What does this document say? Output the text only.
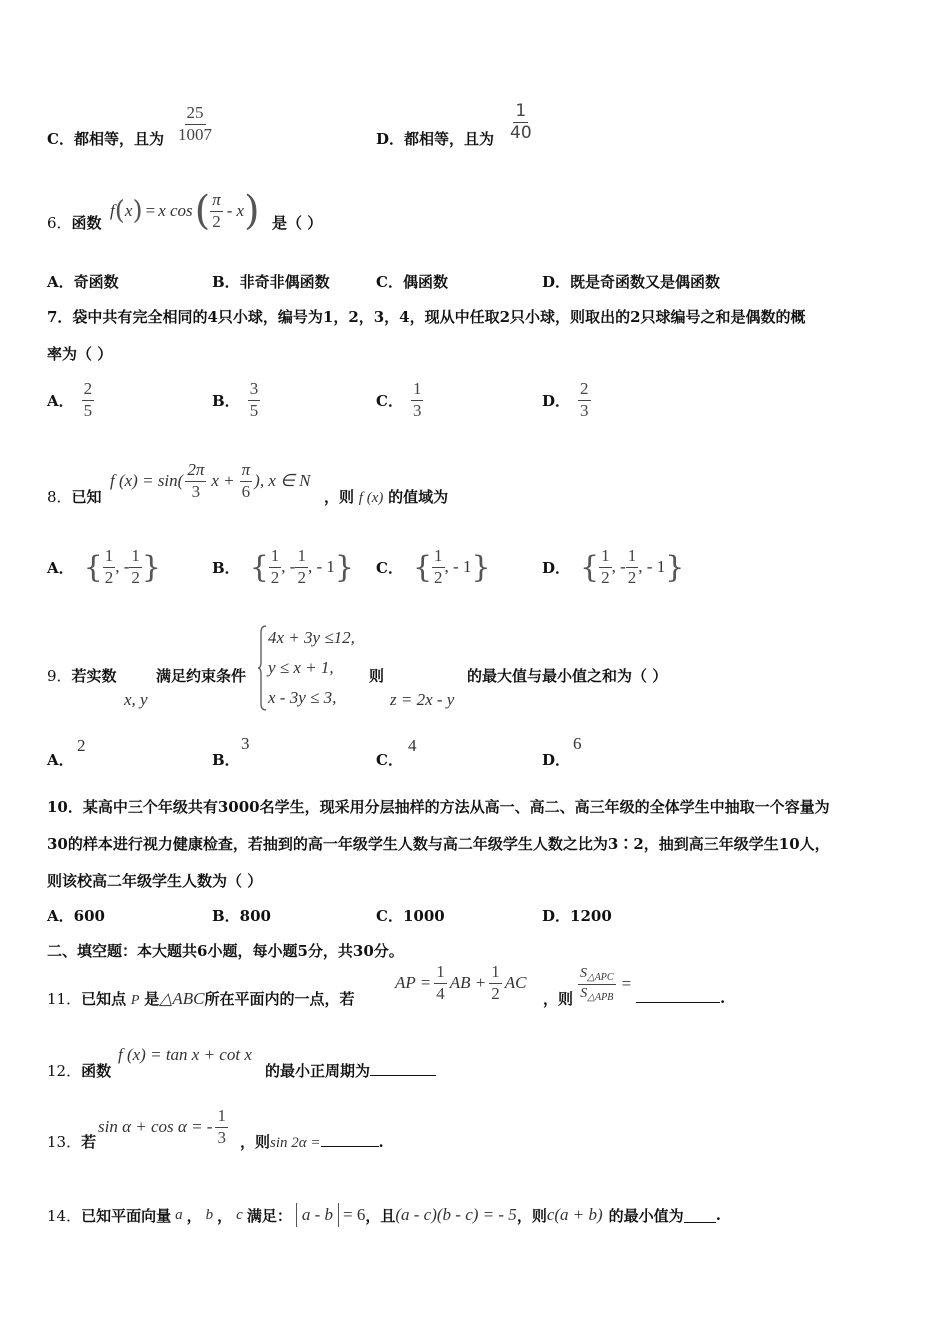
C．都相等，且为 $\frac{25}{1007}$	D．都相等，且为 $\frac{1}{40}$
6．函数
f ( x ) = x cos ( $\frac{\pi}{2}$ - x ) 是（ ）
A．奇函数	B．非奇非偶函数	C．偶函数	D．既是奇函数又是偶函数
7．袋中共有完全相同的4只小球，编号为1，2，3，4，现从中任取2只小球，则取出的2只球编号之和是偶数的概
率为（ ）
A． $\frac{2}{5}$	B． $\frac{3}{5}$	C． $\frac{1}{3}$	D． $\frac{2}{3}$
8．已知
f $(x) = \sin( \frac{2\pi}{3}$ $x + \frac{\pi}{6}$ ), x ∈ N
，则 f (x) 的值域为
A． { $\frac{1}{2}$ , - $\frac{1}{2}$ }	B． { $\frac{1}{2}$ , - $\frac{1}{2}$ , - 1 } C． { $\frac{1}{2}$ , - 1 }	D． { $\frac{1}{2}$ , - $\frac{1}{2}$ , - 1 }
9．若实数
x, y
满足约束条件
4x + 3y ≤12,
y ≤ x + 1,
x - 3y ≤ 3,
则
z = 2x - y
的最大值与最小值之和为（ ）
A．
2
B．
3
C．
4
D．
6
10．某高中三个年级共有3000名学生，现采用分层抽样的方法从高一、高二、高三年级的全体学生中抽取一个容量为
30的样本进行视力健康检查，若抽到的高一年级学生人数与高二年级学生人数之比为3∶2，抽到高三年级学生10人，
则该校高二年级学生人数为（ ）
A．600	B．800	C．1000	D．1200
二、填空题：本大题共6小题，每小题5分，共30分。
11．已知点 P 是△ABC所在平面内的一点，若
AP = $\frac{1}{4}$ AB + $\frac{1}{2}$ AC
，则 $\frac{S_{\triangle APC}}{S_{\triangle APB}}$ =
.
12．函数
f (x) = tan x + cot x
的最小正周期为
13．若
sin α + cos α = - $\frac{1}{3}$ ，则sin 2α =	.
14． 已知平面向量 a ， b ， c 满足： a - b = 6 ，且 (a - c)(b - c) = - 5 ，则 c(a + b) 的最小值为 .
